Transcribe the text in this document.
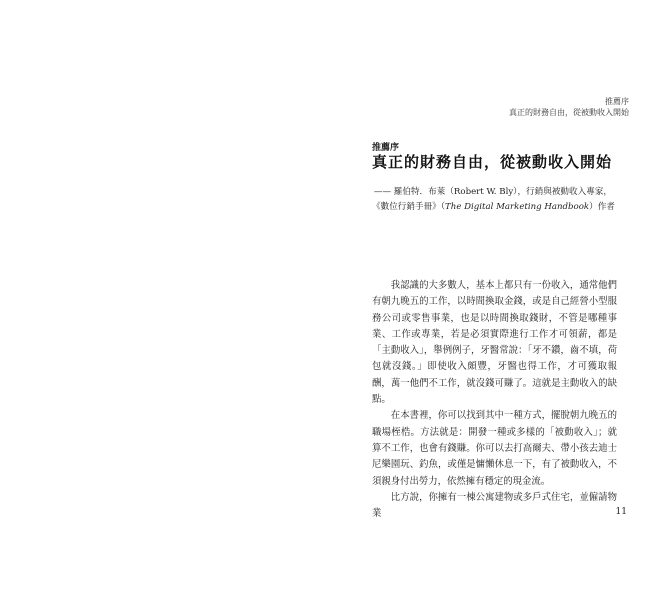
推薦序
真正的財務自由，從被動收入開始
推薦序
真正的財務自由，從被動收入開始
—— 羅伯特．布萊（Robert W. Bly），行銷與被動收入專家，
《數位行銷手冊》（The Digital Marketing Handbook）作者

我認識的大多數人，基本上都只有一份收入，通常他們有朝九晚五的工作，以時間換取金錢，或是自己經營小型服務公司或零售事業，也是以時間換取錢財，不管是哪種事業、工作或專業，若是必須實際進行工作才可領薪，都是「主動收入」，舉例例子，牙醫常說：「牙不鑽，齒不填，荷包就沒錢。」即使收入頗豐，牙醫也得工作，才可獲取報酬，萬一他們不工作，就沒錢可賺了。這就是主動收入的缺點。

在本書裡，你可以找到其中一種方式，擺脫朝九晚五的職場桎梏。方法就是：開發一種或多樣的「被動收入」；就算不工作，也會有錢賺。你可以去打高爾夫、帶小孩去迪士尼樂園玩、釣魚，或僅是慵懶休息一下，有了被動收入，不須親身付出勞力，依然擁有穩定的現金流。

比方說，你擁有一棟公寓建物或多戶式住宅，並僱請物業	11
